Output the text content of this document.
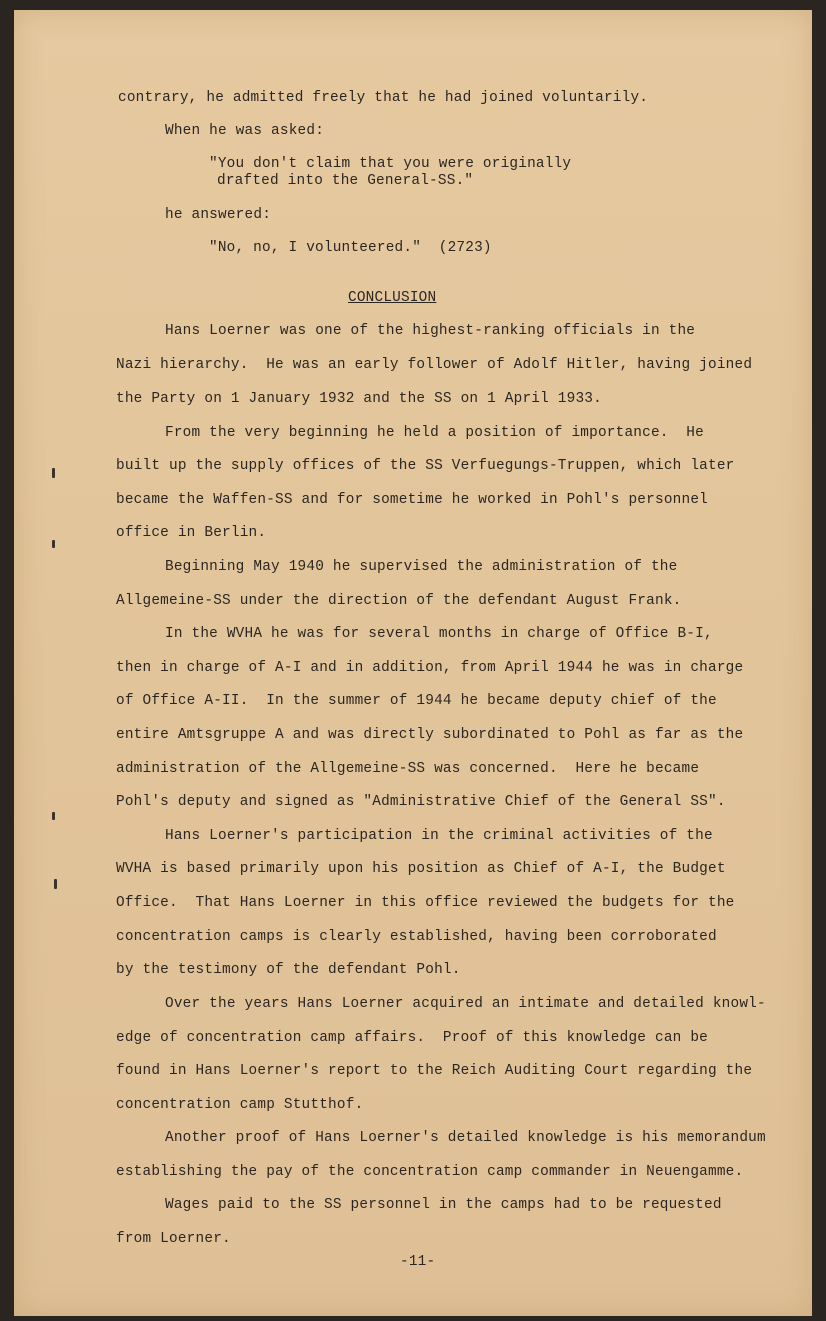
contrary, he admitted freely that he had joined voluntarily.
When he was asked:
"You don't claim that you were originally
drafted into the General-SS."
he answered:
"No, no, I volunteered."  (2723)
CONCLUSION
Hans Loerner was one of the highest-ranking officials in the
Nazi hierarchy.  He was an early follower of Adolf Hitler, having joined
the Party on 1 January 1932 and the SS on 1 April 1933.
From the very beginning he held a position of importance.  He
built up the supply offices of the SS Verfuegungs-Truppen, which later
became the Waffen-SS and for sometime he worked in Pohl's personnel
office in Berlin.
Beginning May 1940 he supervised the administration of the
Allgemeine-SS under the direction of the defendant August Frank.
In the WVHA he was for several months in charge of Office B-I,
then in charge of A-I and in addition, from April 1944 he was in charge
of Office A-II.  In the summer of 1944 he became deputy chief of the
entire Amtsgruppe A and was directly subordinated to Pohl as far as the
administration of the Allgemeine-SS was concerned.  Here he became
Pohl's deputy and signed as "Administrative Chief of the General SS".
Hans Loerner's participation in the criminal activities of the
WVHA is based primarily upon his position as Chief of A-I, the Budget
Office.  That Hans Loerner in this office reviewed the budgets for the
concentration camps is clearly established, having been corroborated
by the testimony of the defendant Pohl.
Over the years Hans Loerner acquired an intimate and detailed knowl-
edge of concentration camp affairs.  Proof of this knowledge can be
found in Hans Loerner's report to the Reich Auditing Court regarding the
concentration camp Stutthof.
Another proof of Hans Loerner's detailed knowledge is his memorandum
establishing the pay of the concentration camp commander in Neuengamme.
Wages paid to the SS personnel in the camps had to be requested
from Loerner.
-11-
